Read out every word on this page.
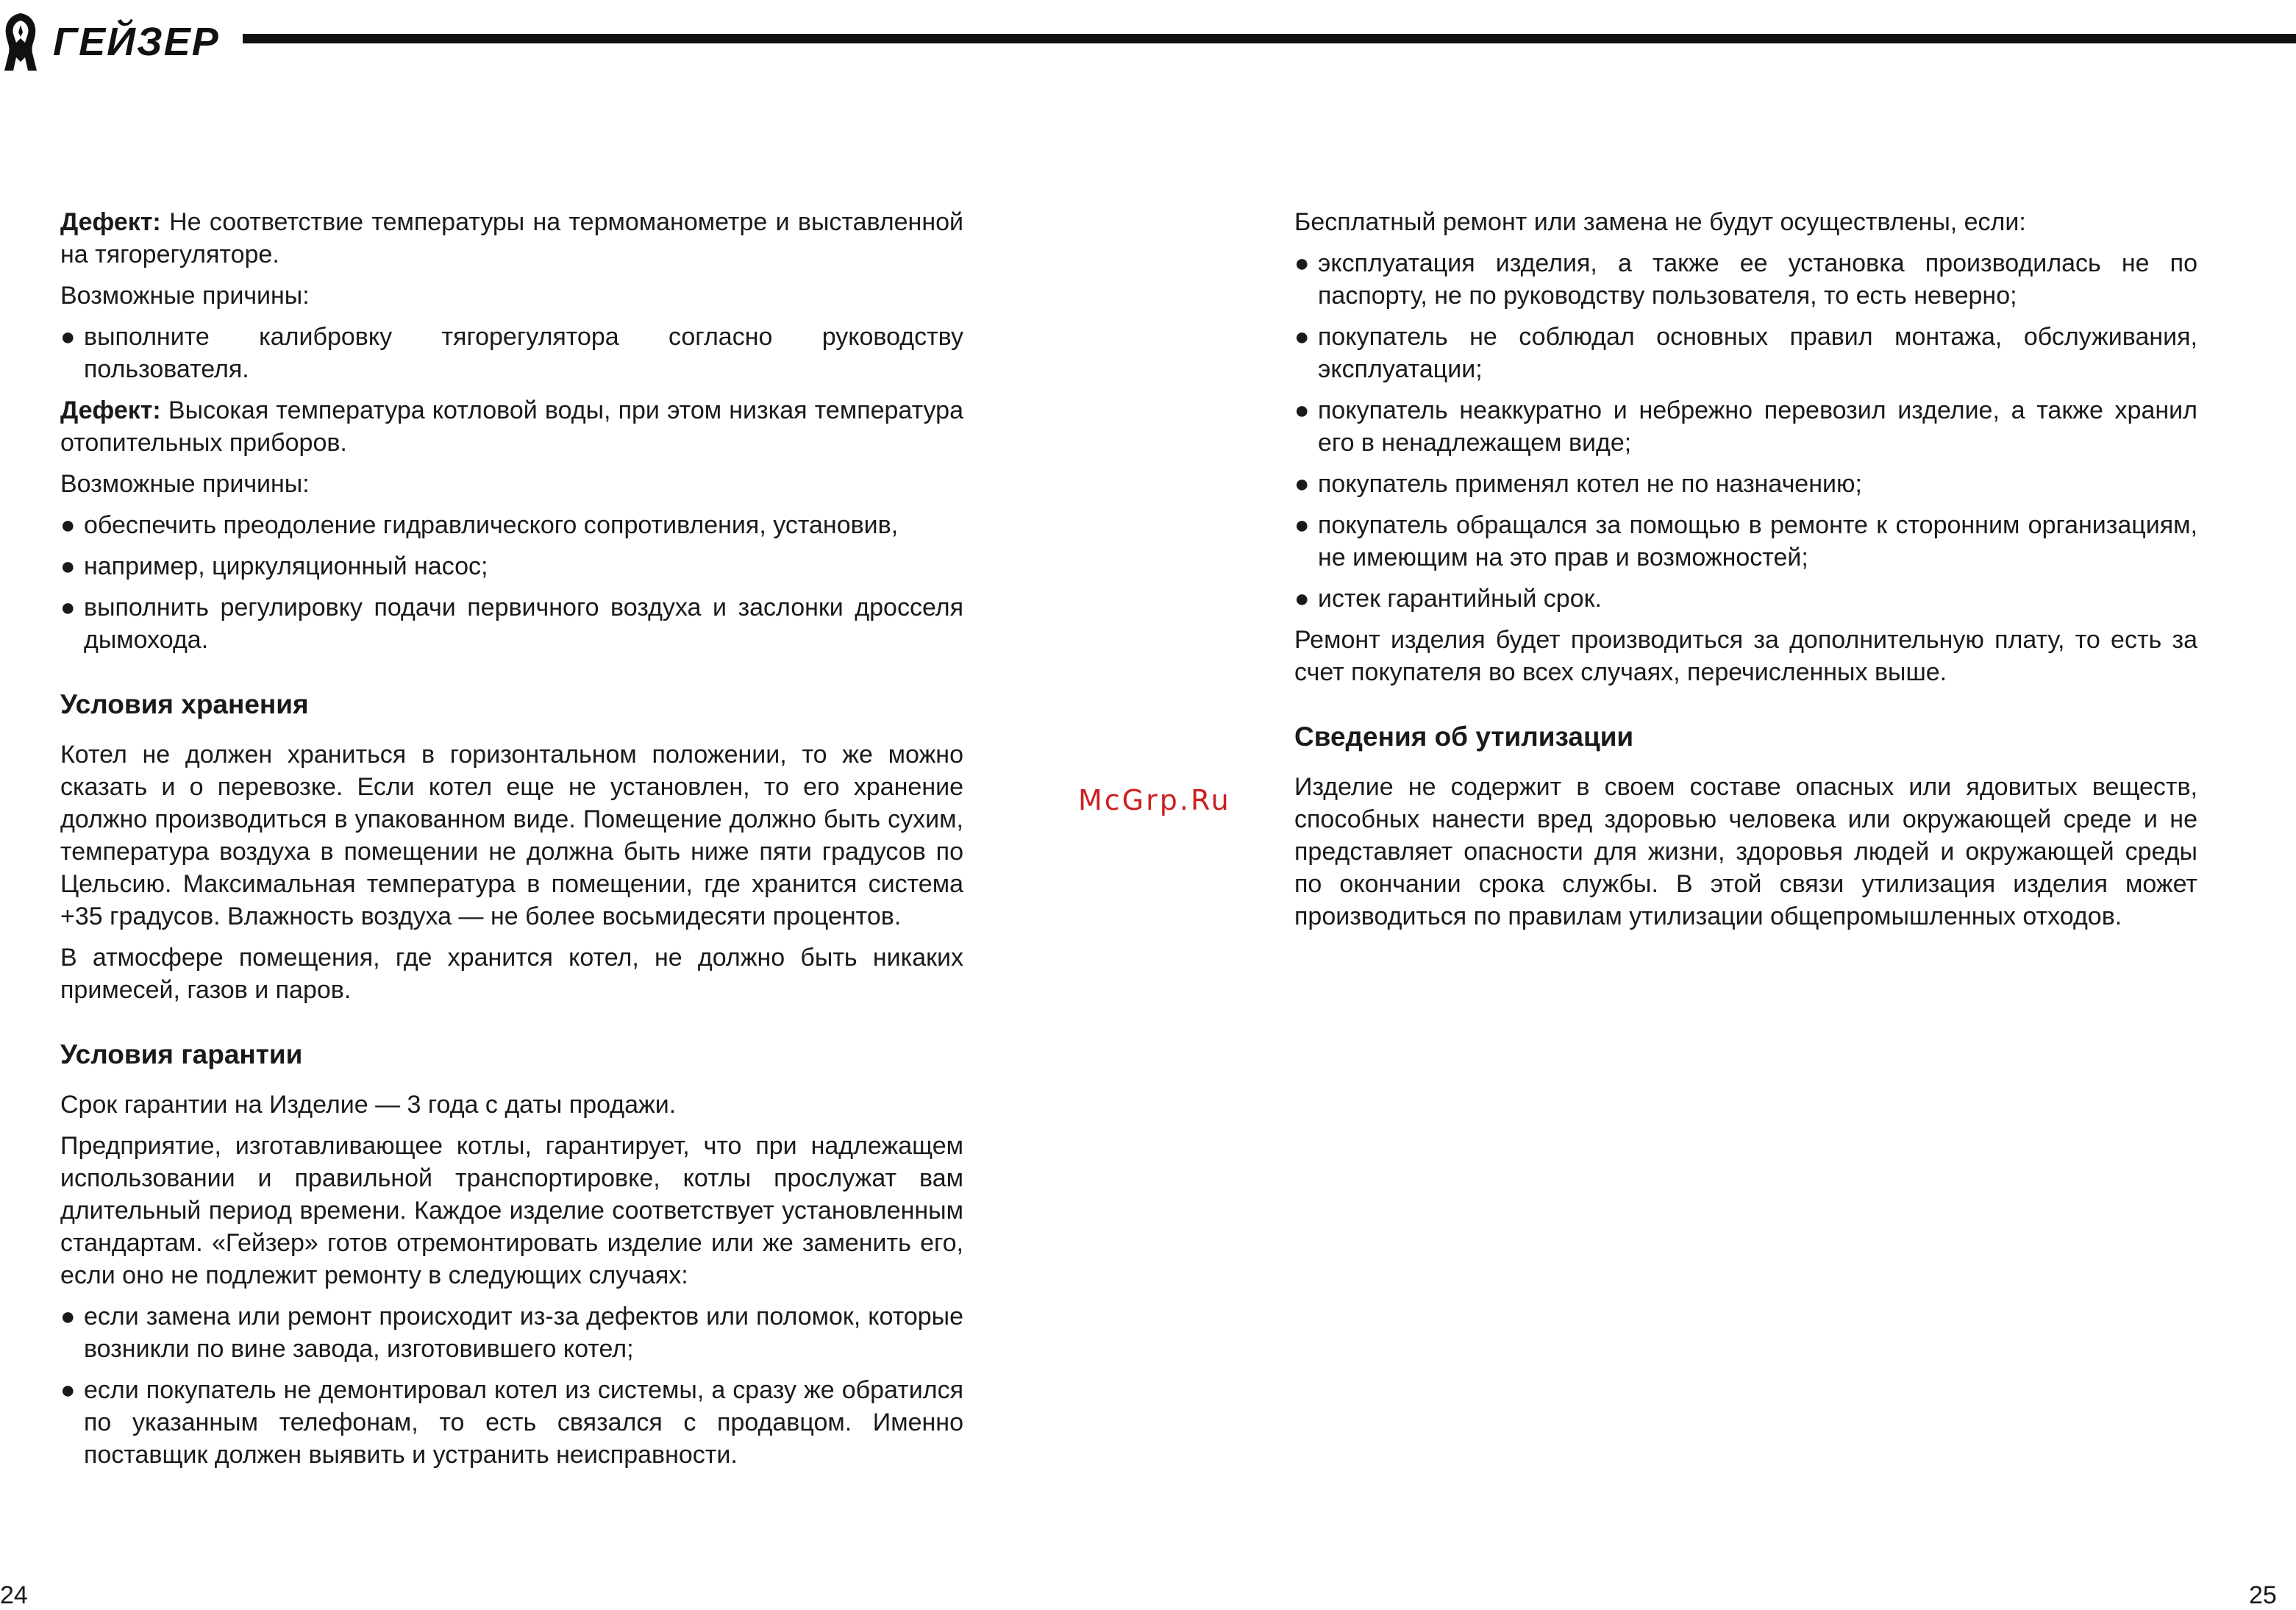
ГЕЙЗЕР

Дефект: Не соответствие температуры на термоманометре и выставленной на тягорегуляторе.

Возможные причины:

● выполните калибровку тягорегулятора согласно руководству пользователя.

Дефект: Высокая температура котловой воды, при этом низкая температура отопительных приборов.

Возможные причины:

● обеспечить преодоление гидравлического сопротивления, установив,
● например, циркуляционный насос;
● выполнить регулировку подачи первичного воздуха и заслонки дросселя дымохода.
Условия хранения

Котел не должен храниться в горизонтальном положении, то же можно сказать и о перевозке. Если котел еще не установлен, то его хранение должно производиться в упакованном виде. Помещение должно быть сухим, температура воздуха в помещении не должна быть ниже пяти градусов по Цельсию. Максимальная температура в помещении, где хранится система +35 градусов. Влажность воздуха — не более восьмидесяти процентов.

В атмосфере помещения, где хранится котел, не должно быть никаких примесей, газов и паров.

Условия гарантии

Срок гарантии на Изделие — 3 года с даты продажи.

Предприятие, изготавливающее котлы, гарантирует, что при надлежащем использовании и правильной транспортировке, котлы прослужат вам длительный период времени. Каждое изделие соответствует установленным стандартам. «Гейзер» готов отремонтировать изделие или же заменить его, если оно не подлежит ремонту в следующих случаях:

● если замена или ремонт происходит из-за дефектов или поломок, которые возникли по вине завода, изготовившего котел;
● если покупатель не демонтировал котел из системы, а сразу же обратился по указанным телефонам, то есть связался с продавцом. Именно поставщик должен выявить и устранить неисправности.
McGrp.Ru

Бесплатный ремонт или замена не будут осуществлены, если:

● эксплуатация изделия, а также ее установка производилась не по паспорту, не по руководству пользователя, то есть неверно;
● покупатель не соблюдал основных правил монтажа, обслуживания, эксплуатации;
● покупатель неаккуратно и небрежно перевозил изделие, а также хранил его в ненадлежащем виде;
● покупатель применял котел не по назначению;
● покупатель обращался за помощью в ремонте к сторонним организациям, не имеющим на это прав и возможностей;
● истек гарантийный срок.

Ремонт изделия будет производиться за дополнительную плату, то есть за счет покупателя во всех случаях, перечисленных выше.

Сведения об утилизации

Изделие не содержит в своем составе опасных или ядовитых веществ, способных нанести вред здоровью человека или окружающей среде и не представляет опасности для жизни, здоровья людей и окружающей среды по окончании срока службы. В этой связи утилизация изделия может производиться по правилам утилизации общепромышленных отходов.

24	25
